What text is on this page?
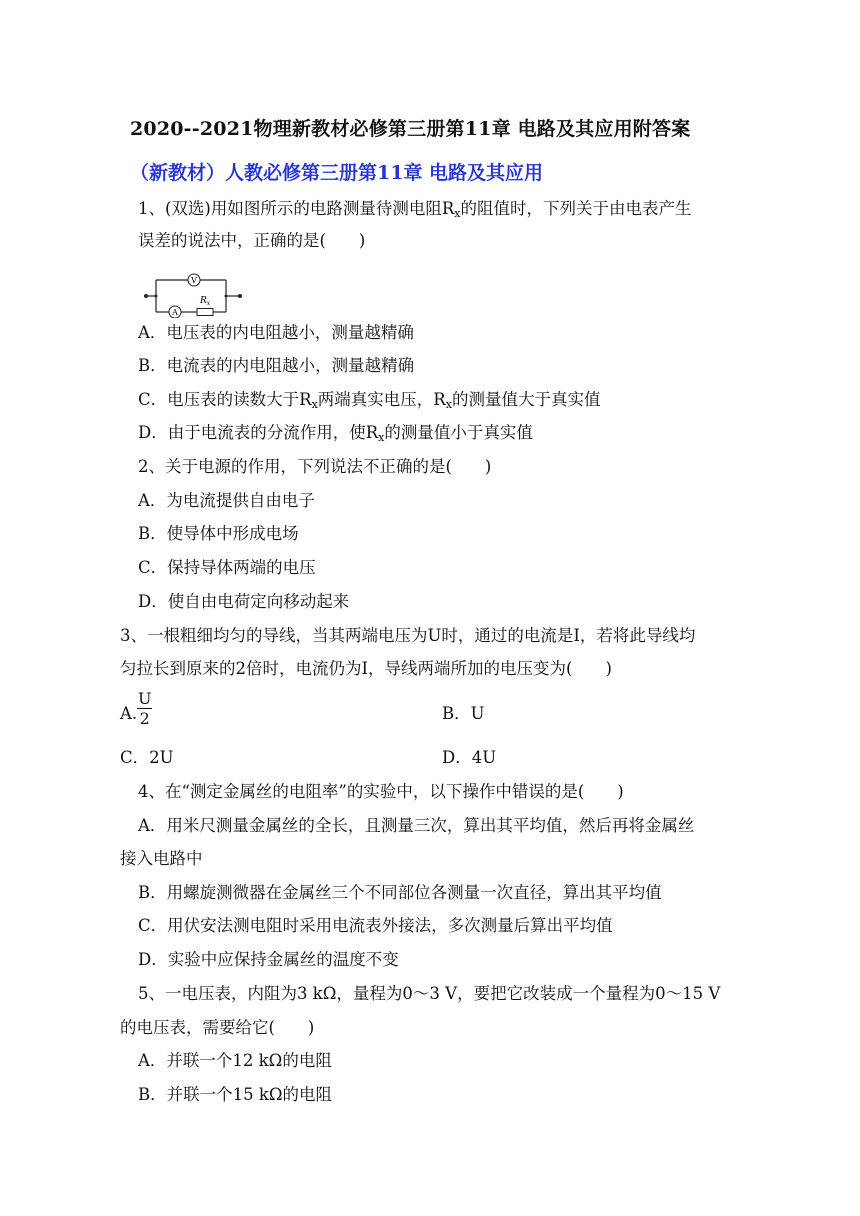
2020--2021物理新教材必修第三册第11章 电路及其应用附答案
（新教材）人教必修第三册第11章 电路及其应用
1、(双选)用如图所示的电路测量待测电阻$R_x$的阻值时，下列关于由电表产生
误差的说法中，正确的是(　　)
V
A
$R_x$
A．电压表的内电阻越小，测量越精确
B．电流表的内电阻越小，测量越精确
C．电压表的读数大于$R_x$两端真实电压，$R_x$的测量值大于真实值
D．由于电流表的分流作用，使$R_x$的测量值小于真实值
2、关于电源的作用，下列说法不正确的是(　　)
A．为电流提供自由电子
B．使导体中形成电场
C．保持导体两端的电压
D．使自由电荷定向移动起来
3、一根粗细均匀的导线，当其两端电压为U时，通过的电流是I，若将此导线均
匀拉长到原来的2倍时，电流仍为I，导线两端所加的电压变为(　　)
A. $\frac{U}{2}$	B．U
C．2U	D．4U
4、在“测定金属丝的电阻率”的实验中，以下操作中错误的是(　　)
A．用米尺测量金属丝的全长，且测量三次，算出其平均值，然后再将金属丝
接入电路中
B．用螺旋测微器在金属丝三个不同部位各测量一次直径，算出其平均值
C．用伏安法测电阻时采用电流表外接法，多次测量后算出平均值
D．实验中应保持金属丝的温度不变
5、一电压表，内阻为3 kΩ，量程为0～3 V，要把它改装成一个量程为0～15 V
的电压表，需要给它(　　)
A．并联一个12 kΩ的电阻
B．并联一个15 kΩ的电阻
